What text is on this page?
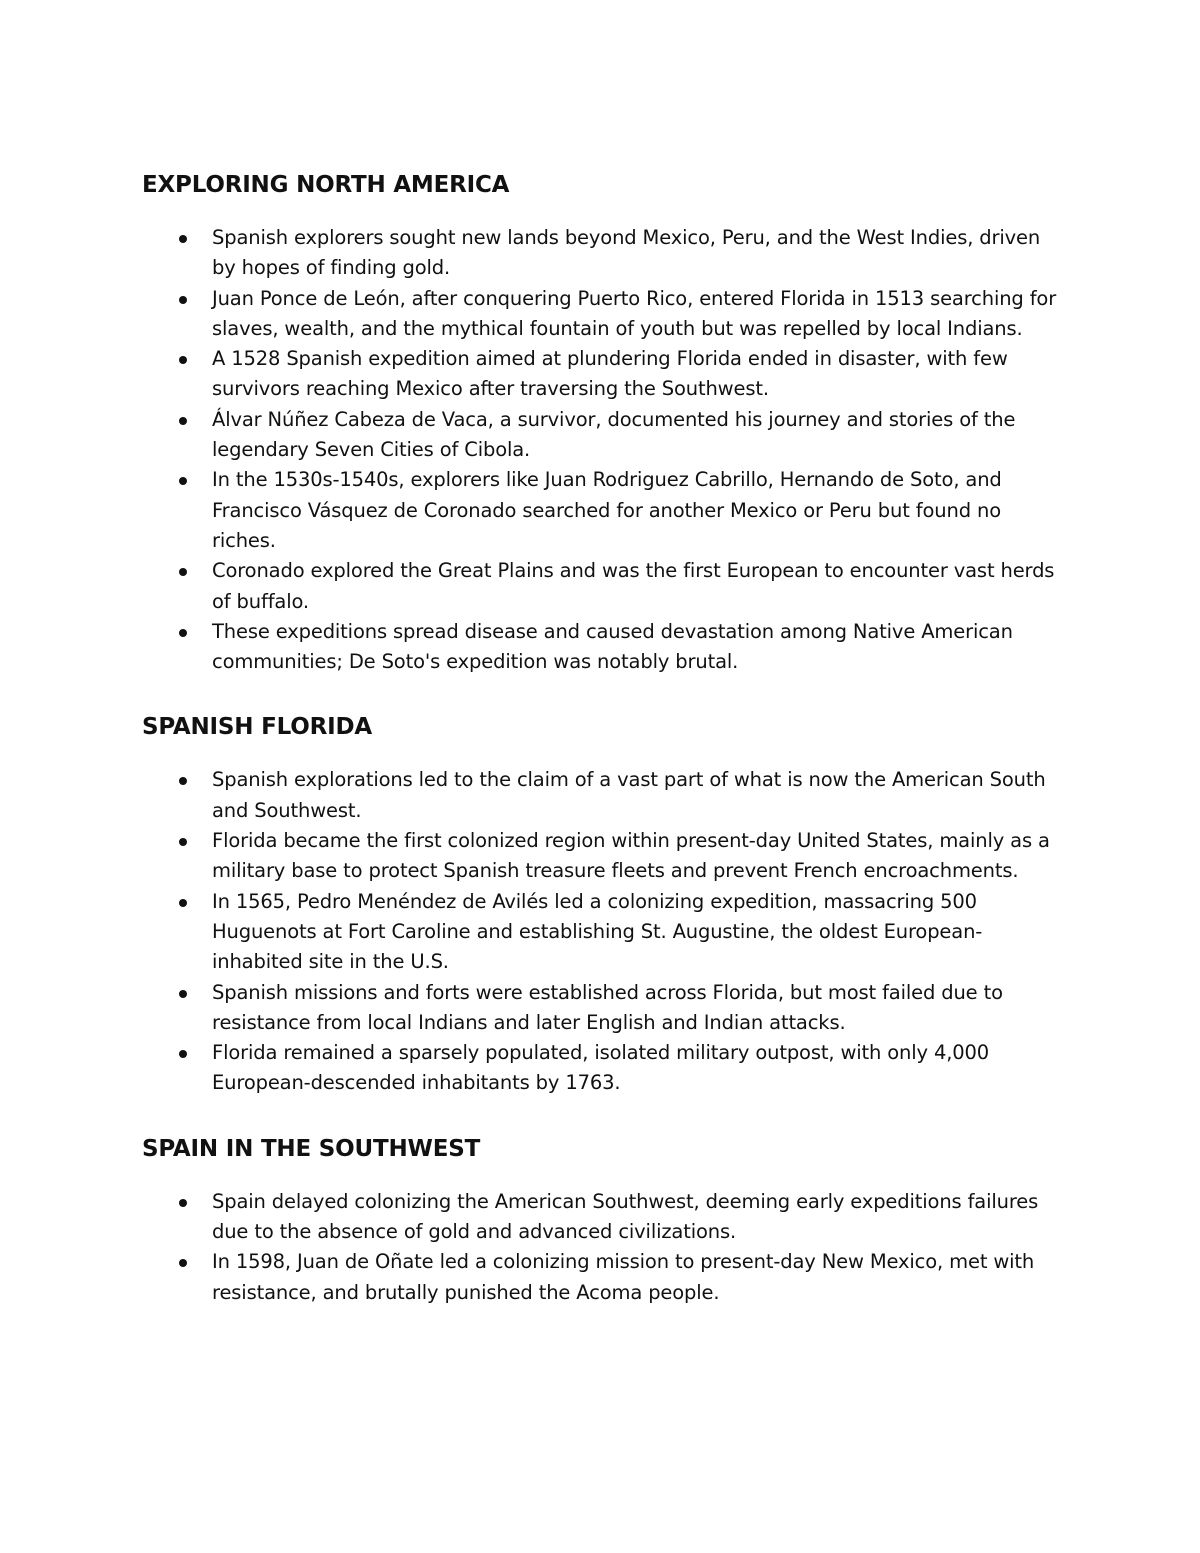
EXPLORING NORTH AMERICA
Spanish explorers sought new lands beyond Mexico, Peru, and the West Indies, driven by hopes of finding gold.
Juan Ponce de León, after conquering Puerto Rico, entered Florida in 1513 searching for slaves, wealth, and the mythical fountain of youth but was repelled by local Indians.
A 1528 Spanish expedition aimed at plundering Florida ended in disaster, with few survivors reaching Mexico after traversing the Southwest.
Álvar Núñez Cabeza de Vaca, a survivor, documented his journey and stories of the legendary Seven Cities of Cibola.
In the 1530s-1540s, explorers like Juan Rodriguez Cabrillo, Hernando de Soto, and Francisco Vásquez de Coronado searched for another Mexico or Peru but found no riches.
Coronado explored the Great Plains and was the first European to encounter vast herds of buffalo.
These expeditions spread disease and caused devastation among Native American communities; De Soto's expedition was notably brutal.
SPANISH FLORIDA
Spanish explorations led to the claim of a vast part of what is now the American South and Southwest.
Florida became the first colonized region within present-day United States, mainly as a military base to protect Spanish treasure fleets and prevent French encroachments.
In 1565, Pedro Menéndez de Avilés led a colonizing expedition, massacring 500 Huguenots at Fort Caroline and establishing St. Augustine, the oldest European-inhabited site in the U.S.
Spanish missions and forts were established across Florida, but most failed due to resistance from local Indians and later English and Indian attacks.
Florida remained a sparsely populated, isolated military outpost, with only 4,000 European-descended inhabitants by 1763.
SPAIN IN THE SOUTHWEST
Spain delayed colonizing the American Southwest, deeming early expeditions failures due to the absence of gold and advanced civilizations.
In 1598, Juan de Oñate led a colonizing mission to present-day New Mexico, met with resistance, and brutally punished the Acoma people.
